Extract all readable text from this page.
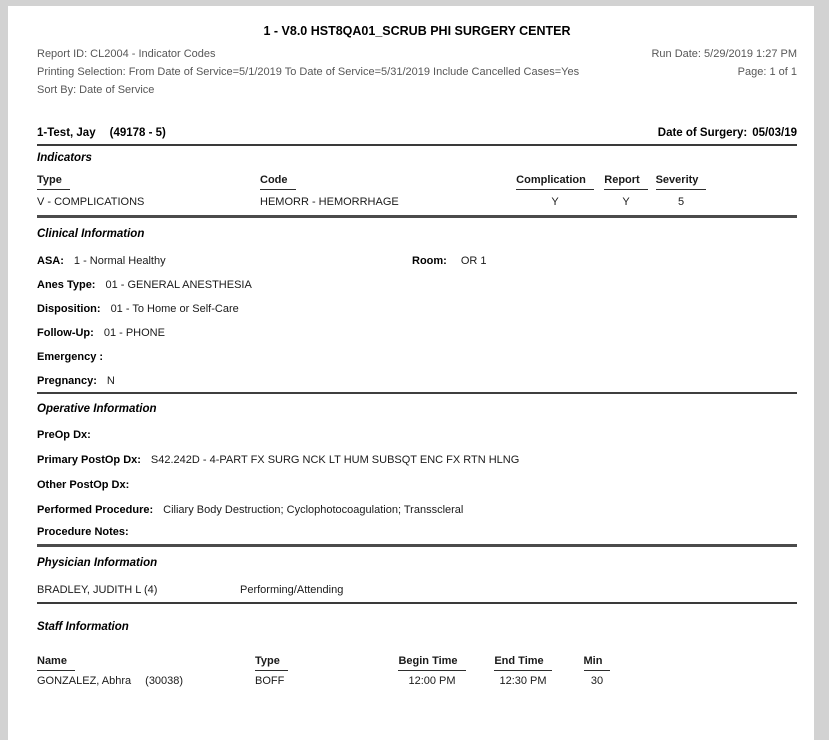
1 - V8.0 HST8QA01_SCRUB PHI SURGERY CENTER
Report ID: CL2004 - Indicator Codes	Run Date: 5/29/2019 1:27 PM
Printing Selection: From Date of Service=5/1/2019 To Date of Service=5/31/2019 Include Cancelled Cases=Yes	Page: 1 of 1
Sort By: Date of Service
1-Test, Jay (49178 - 5)	Date of Surgery: 05/03/19
Indicators
Type	Code	Complication	Report	Severity
V - COMPLICATIONS	HEMORR - HEMORRHAGE	Y	Y	5
Clinical Information
ASA: 1 - Normal Healthy	Room: OR 1
Anes Type: 01 - GENERAL ANESTHESIA
Disposition: 01 - To Home or Self-Care
Follow-Up: 01 - PHONE
Emergency :
Pregnancy: N
Operative Information
PreOp Dx:
Primary PostOp Dx: S42.242D - 4-PART FX SURG NCK LT HUM SUBSQT ENC FX RTN HLNG
Other PostOp Dx:
Performed Procedure: Ciliary Body Destruction; Cyclophotocoagulation; Transscleral
Procedure Notes:
Physician Information
BRADLEY, JUDITH L (4)	Performing/Attending
Staff Information
Name	Type	Begin Time	End Time	Min
GONZALEZ, Abhra (30038)	BOFF	12:00 PM	12:30 PM	30
